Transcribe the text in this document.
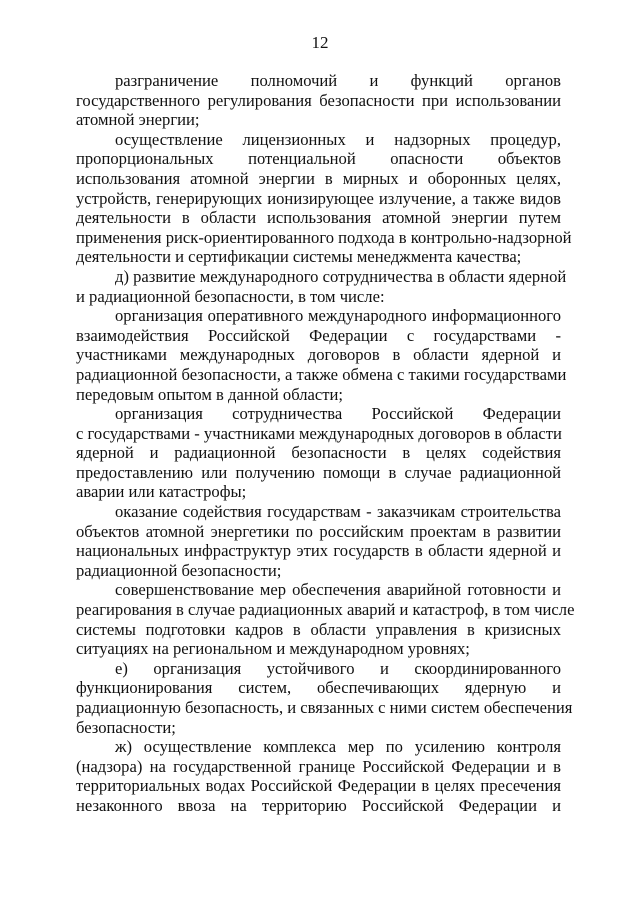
12
разграничение полномочий и функций органов
государственного регулирования безопасности при использовании
атомной энергии;
осуществление лицензионных и надзорных процедур,
пропорциональных потенциальной опасности объектов
использования атомной энергии в мирных и оборонных целях,
устройств, генерирующих ионизирующее излучение, а также видов
деятельности в области использования атомной энергии путем
применения риск-ориентированного подхода в контрольно-надзорной
деятельности и сертификации системы менеджмента качества;
д) развитие международного сотрудничества в области ядерной
и радиационной безопасности, в том числе:
организация оперативного международного информационного
взаимодействия Российской Федерации с государствами -
участниками международных договоров в области ядерной и
радиационной безопасности, а также обмена с такими государствами
передовым опытом в данной области;
организация сотрудничества Российской Федерации
с государствами - участниками международных договоров в области
ядерной и радиационной безопасности в целях содействия
предоставлению или получению помощи в случае радиационной
аварии или катастрофы;
оказание содействия государствам - заказчикам строительства
объектов атомной энергетики по российским проектам в развитии
национальных инфраструктур этих государств в области ядерной и
радиационной безопасности;
совершенствование мер обеспечения аварийной готовности и
реагирования в случае радиационных аварий и катастроф, в том числе
системы подготовки кадров в области управления в кризисных
ситуациях на региональном и международном уровнях;
е) организация устойчивого и скоординированного
функционирования систем, обеспечивающих ядерную и
радиационную безопасность, и связанных с ними систем обеспечения
безопасности;
ж) осуществление комплекса мер по усилению контроля
(надзора) на государственной границе Российской Федерации и в
территориальных водах Российской Федерации в целях пресечения
незаконного ввоза на территорию Российской Федерации и
